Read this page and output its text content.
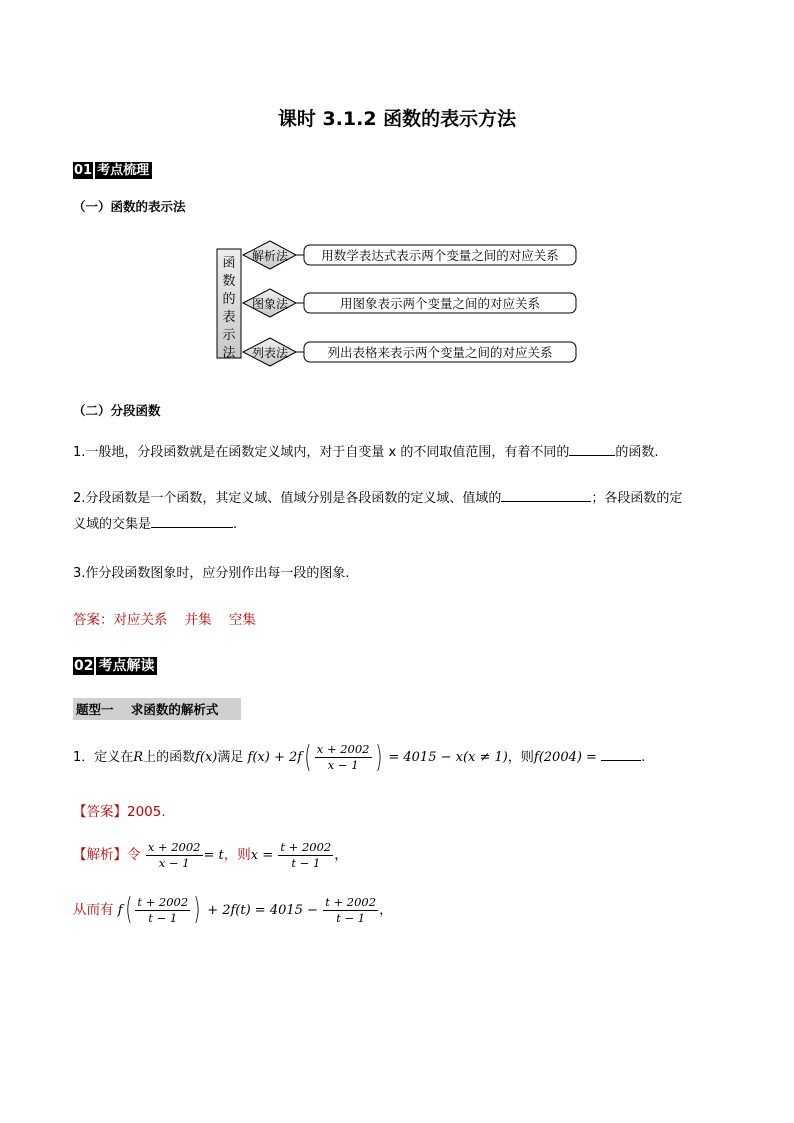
课时 3.1.2 函数的表示方法
01 考点梳理
（一）函数的表示法
函
数
的
表
示
法
解析法	用数学表达式表示两个变量之间的对应关系
图象法	用图象表示两个变量之间的对应关系
列表法	列出表格来表示两个变量之间的对应关系
（二）分段函数
1.一般地，分段函数就是在函数定义域内，对于自变量 x 的不同取值范围，有着不同的	的函数.
2.分段函数是一个函数，其定义域、值域分别是各段函数的定义域、值域的	；各段函数的定
义域的交集是	.
3.作分段函数图象时，应分别作出每一段的图象.
答案：对应关系    并集    空集
02 考点解读
题型一    求函数的解析式
1．定义在R上的函数f(x)满足 $f(x) + 2f( \frac{x + 2002}{x - 1}$ ) = 4015 − x(x ≠ 1)，则f(2004) =	.
【答案】2005.
【解析】令 $\frac{x + 2002}{x - 1} = t$，则$x = \frac{t + 2002}{t - 1}$ ，
从而有 $f( \frac{t + 2002}{t - 1}$ ) + $2f(t) = 4015 - \frac{t + 2002}{t - 1}$ ，
